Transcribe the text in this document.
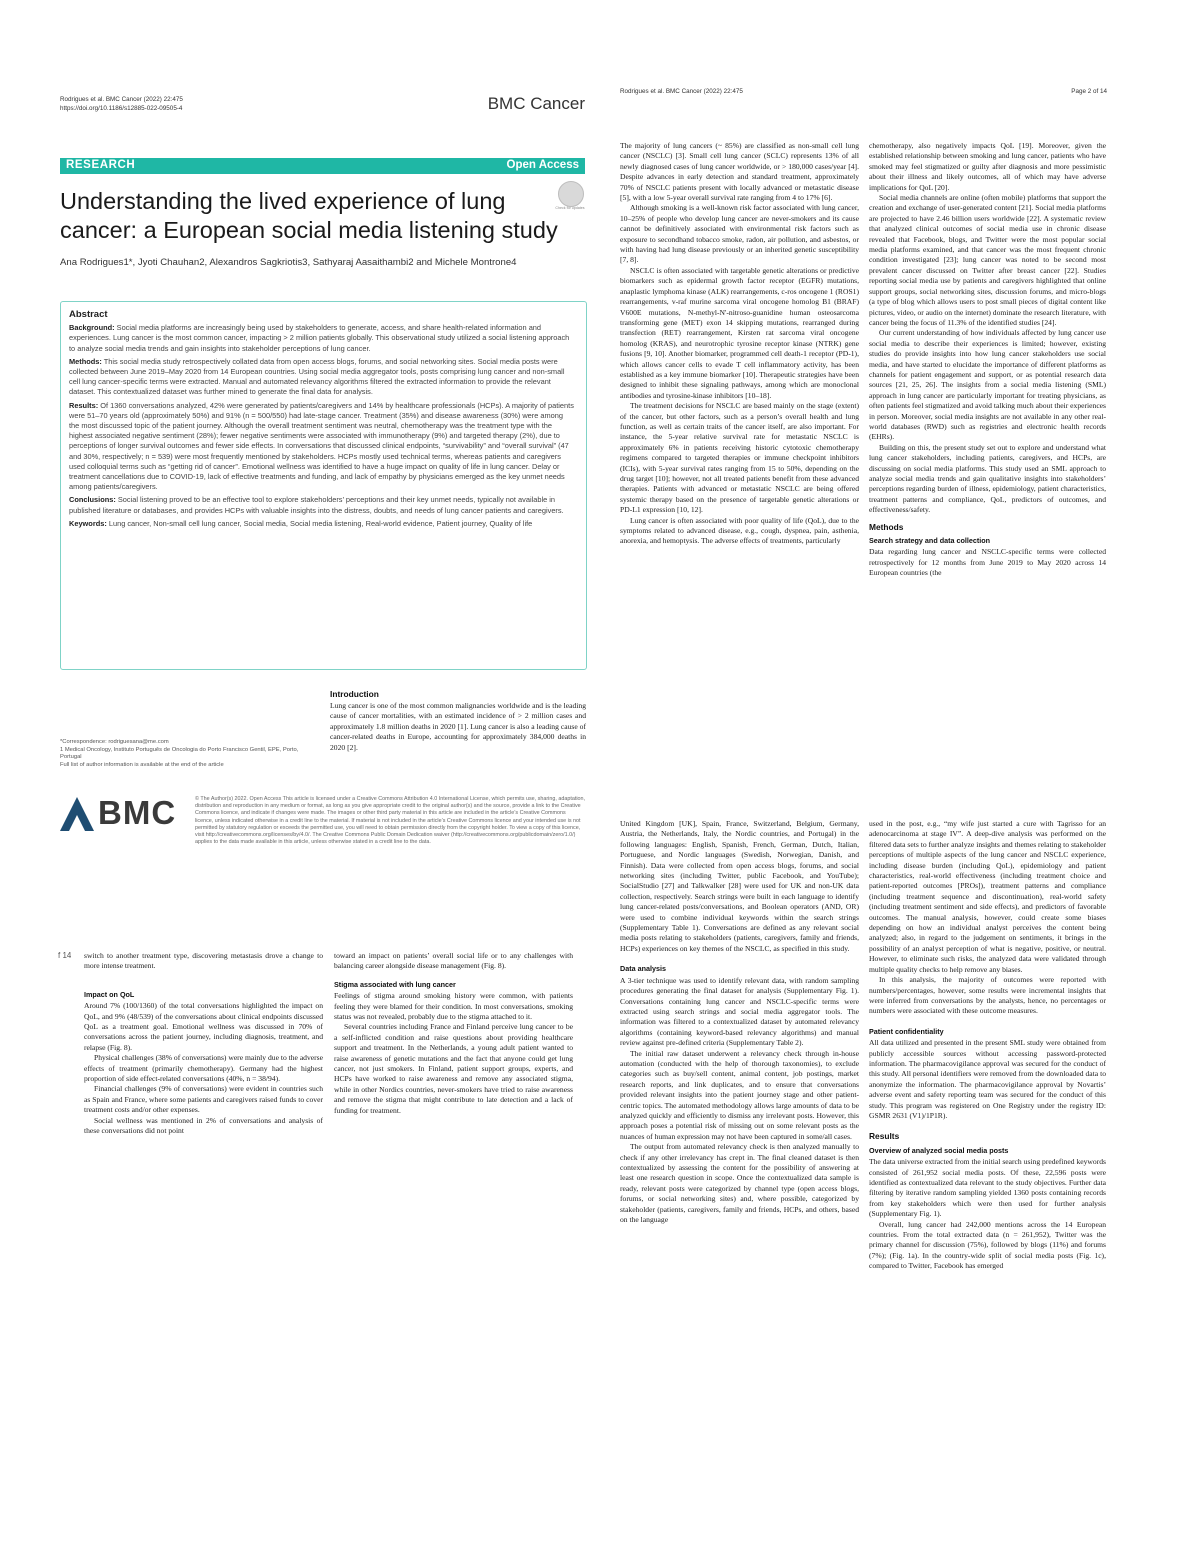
Rodrigues et al. BMC Cancer (2022) 22:475
https://doi.org/10.1186/s12885-022-09505-4	BMC Cancer
RESEARCH	Open Access
Check for updates
Understanding the lived experience of lung
cancer: a European social media listening study
Ana Rodrigues1*, Jyoti Chauhan2, Alexandros Sagkriotis3, Sathyaraj Aasaithambi2 and Michele Montrone4
Abstract

Background: Social media platforms are increasingly being used by stakeholders to generate, access, and share health-related information and experiences. Lung cancer is the most common cancer, impacting > 2 million patients globally. This observational study utilized a social listening approach to analyze social media trends and gain insights into stakeholder perceptions of lung cancer.

Methods: This social media study retrospectively collated data from open access blogs, forums, and social networking sites. Social media posts were collected between June 2019–May 2020 from 14 European countries. Using social media aggregator tools, posts comprising lung cancer and non-small cell lung cancer-specific terms were extracted. Manual and automated relevancy algorithms filtered the extracted information to provide the relevant dataset. This contextualized dataset was further mined to generate the final data for analysis.

Results: Of 1360 conversations analyzed, 42% were generated by patients/caregivers and 14% by healthcare professionals (HCPs). A majority of patients were 51–70 years old (approximately 50%) and 91% (n = 500/550) had late-stage cancer. Treatment (35%) and disease awareness (30%) were among the most discussed topic of the patient journey. Although the overall treatment sentiment was neutral, chemotherapy was the treatment type with the highest associated negative sentiment (28%); fewer negative sentiments were associated with immunotherapy (9%) and targeted therapy (2%), due to perceptions of longer survival outcomes and fewer side effects. In conversations that discussed clinical endpoints, “survivability” and “overall survival” (47 and 30%, respectively; n = 539) were most frequently mentioned by stakeholders. HCPs mostly used technical terms, whereas patients and caregivers used colloquial terms such as “getting rid of cancer”. Emotional wellness was identified to have a huge impact on quality of life in lung cancer. Delay or treatment cancellations due to COVID-19, lack of effective treatments and funding, and lack of empathy by physicians emerged as the key unmet needs among patients/caregivers.

Conclusions: Social listening proved to be an effective tool to explore stakeholders’ perceptions and their key unmet needs, typically not available in published literature or databases, and provides HCPs with valuable insights into the distress, doubts, and needs of lung cancer patients and caregivers.

Keywords: Lung cancer, Non-small cell lung cancer, Social media, Social media listening, Real-world evidence, Patient journey, Quality of life

*Correspondence: rodriguesana@me.com
1 Medical Oncology, Instituto Português de Oncologia do Porto Francisco Gentil, EPE, Porto, Portugal
Full list of author information is available at the end of the article
Introduction

Lung cancer is one of the most common malignancies worldwide and is the leading cause of cancer mortalities, with an estimated incidence of > 2 million cases and approximately 1.8 million deaths in 2020 [1]. Lung cancer is also a leading cause of cancer-related deaths in Europe, accounting for approximately 384,000 deaths in 2020 [2].

BMC	© The Author(s) 2022. Open Access This article is licensed under a Creative Commons Attribution 4.0 International License, which permits use, sharing, adaptation, distribution and reproduction in any medium or format, as long as you give appropriate credit to the original author(s) and the source, provide a link to the Creative Commons licence, and indicate if changes were made. The images or other third party material in this article are included in the article’s Creative Commons licence, unless indicated otherwise in a credit line to the material. If material is not included in the article’s Creative Commons licence and your intended use is not permitted by statutory regulation or exceeds the permitted use, you will need to obtain permission directly from the copyright holder. To view a copy of this licence, visit http://creativecommons.org/licenses/by/4.0/. The Creative Commons Public Domain Dedication waiver (http://creativecommons.org/publicdomain/zero/1.0/) applies to the data made available in this article, unless otherwise stated in a credit line to the data.
Rodrigues et al. BMC Cancer (2022) 22:475	Page 2 of 14

The majority of lung cancers (~ 85%) are classified as non-small cell lung cancer (NSCLC) [3]. Small cell lung cancer (SCLC) represents 13% of all newly diagnosed cases of lung cancer worldwide, or > 180,000 cases/year [4]. Despite advances in early detection and standard treatment, approximately 70% of NSCLC patients present with locally advanced or metastatic disease [5], with a low 5-year overall survival rate ranging from 4 to 17% [6].

Although smoking is a well-known risk factor associated with lung cancer, 10–25% of people who develop lung cancer are never-smokers and its cause cannot be definitively associated with environmental risk factors such as exposure to secondhand tobacco smoke, radon, air pollution, and asbestos, or with having had lung disease previously or an inherited genetic susceptibility [7, 8].

NSCLC is often associated with targetable genetic alterations or predictive biomarkers such as epidermal growth factor receptor (EGFR) mutations, anaplastic lymphoma kinase (ALK) rearrangements, c-ros oncogene 1 (ROS1) rearrangements, v-raf murine sarcoma viral oncogene homolog B1 (BRAF) V600E mutations, N-methyl-N'-nitroso-guanidine human osteosarcoma transforming gene (MET) exon 14 skipping mutations, rearranged during transfection (RET) rearrangement, Kirsten rat sarcoma viral oncogene homolog (KRAS), and neurotrophic tyrosine receptor kinase (NTRK) gene fusions [9, 10]. Another biomarker, programmed cell death-1 receptor (PD-1), which allows cancer cells to evade T cell inflammatory activity, has been established as a key immune biomarker [10]. Therapeutic strategies have been designed to inhibit these signaling pathways, among which are monoclonal antibodies and tyrosine-kinase inhibitors [10–18].

The treatment decisions for NSCLC are based mainly on the stage (extent) of the cancer, but other factors, such as a person’s overall health and lung function, as well as certain traits of the cancer itself, are also important. For instance, the 5-year relative survival rate for metastatic NSCLC is approximately 6% in patients receiving historic cytotoxic chemotherapy regimens compared to targeted therapies or immune checkpoint inhibitors (ICIs), with 5-year survival rates ranging from 15 to 50%, depending on the drug target [10]; however, not all treated patients benefit from these advanced therapies. Patients with advanced or metastatic NSCLC are being offered systemic therapy based on the presence of targetable genetic alterations or PD-L1 expression [10, 12].

Lung cancer is often associated with poor quality of life (QoL), due to the symptoms related to advanced disease, e.g., cough, dyspnea, pain, asthenia, anorexia, and hemoptysis. The adverse effects of treatments, particularly

chemotherapy, also negatively impacts QoL [19]. Moreover, given the established relationship between smoking and lung cancer, patients who have smoked may feel stigmatized or guilty after diagnosis and more pessimistic about their illness and likely outcomes, all of which may have adverse implications for QoL [20].

Social media channels are online (often mobile) platforms that support the creation and exchange of user-generated content [21]. Social media platforms are projected to have 2.46 billion users worldwide [22]. A systematic review that analyzed clinical outcomes of social media use in chronic disease revealed that Facebook, blogs, and Twitter were the most popular social media platforms examined, and that cancer was the most frequent chronic condition investigated [23]; lung cancer was noted to be second most prevalent cancer discussed on Twitter after breast cancer [22]. Studies reporting social media use by patients and caregivers highlighted that online support groups, social networking sites, discussion forums, and micro-blogs (a type of blog which allows users to post small pieces of digital content like pictures, video, or audio on the internet) dominate the research literature, with cancer being the focus of 11.3% of the identified studies [24].

Our current understanding of how individuals affected by lung cancer use social media to describe their experiences is limited; however, existing studies do provide insights into how lung cancer stakeholders use social media, and have started to elucidate the importance of different platforms as channels for patient engagement and support, or as potential research data sources [21, 25, 26]. The insights from a social media listening (SML) approach in lung cancer are particularly important for treating physicians, as often patients feel stigmatized and avoid talking much about their experiences in person. Moreover, social media insights are not available in any other real-world databases (RWD) such as registries and electronic health records (EHRs).

Building on this, the present study set out to explore and understand what lung cancer stakeholders, including patients, caregivers, and HCPs, are discussing on social media platforms. This study used an SML approach to analyze social media trends and gain qualitative insights into stakeholders’ perceptions regarding burden of illness, epidemiology, patient characteristics, treatment patterns and compliance, QoL, predictors of outcomes, and effectiveness/safety.

Methods
Search strategy and data collection

Data regarding lung cancer and NSCLC-specific terms were collected retrospectively for 12 months from June 2019 to May 2020 across 14 European countries (the

United Kingdom [UK], Spain, France, Switzerland, Belgium, Germany, Austria, the Netherlands, Italy, the Nordic countries, and Portugal) in the following languages: English, Spanish, French, German, Dutch, Italian, Portuguese, and Nordic languages (Swedish, Norwegian, Danish, and Finnish). Data were collected from open access blogs, forums, and social networking sites (including Twitter, public Facebook, and YouTube); SocialStudio [27] and Talkwalker [28] were used for UK and non-UK data collection, respectively. Search strings were built in each language to identify lung cancer-related posts/conversations, and Boolean operators (AND, OR) were used to combine individual keywords within the search strings (Supplementary Table 1). Conversations are defined as any relevant social media posts relating to stakeholders (patients, caregivers, family and friends, HCPs) experiences on key themes of the NSCLC, as specified in this study.

Data analysis

A 3-tier technique was used to identify relevant data, with random sampling procedures generating the final dataset for analysis (Supplementary Fig. 1). Conversations containing lung cancer and NSCLC-specific terms were extracted using search strings and social media aggregator tools. The information was filtered to a contextualized dataset by automated relevancy algorithms (containing keyword-based relevancy algorithms) and manual review against pre-defined criteria (Supplementary Table 2).

The initial raw dataset underwent a relevancy check through in-house automation (conducted with the help of thorough taxonomies), to exclude categories such as buy/sell content, animal content, job postings, market research reports, and link duplicates, and to ensure that conversations provided relevant insights into the patient journey stage and other patient-centric topics. The automated methodology allows large amounts of data to be analyzed quickly and efficiently to dismiss any irrelevant posts. However, this approach poses a potential risk of missing out on some relevant posts as the nuances of human expression may not have been captured in some/all cases.

The output from automated relevancy check is then analyzed manually to check if any other irrelevancy has crept in. The final cleaned dataset is then contextualized by assessing the content for the possibility of answering at least one research question in scope. Once the contextualized data sample is ready, relevant posts were categorized by channel type (open access blogs, forums, or social networking sites) and, where possible, categorized by stakeholder (patients, caregivers, family and friends, HCPs, and others, based on the language

used in the post, e.g., “my wife just started a cure with Tagrisso for an adenocarcinoma at stage IV”. A deep-dive analysis was performed on the filtered data sets to further analyze insights and themes relating to stakeholder perceptions of multiple aspects of the lung cancer and NSCLC experience, including disease burden (including QoL), epidemiology and patient characteristics, real-world effectiveness (including treatment choice and patient-reported outcomes [PROs]), treatment patterns and compliance (including treatment sequence and discontinuation), real-world safety (including treatment sentiment and side effects), and predictors of favorable outcomes. The manual analysis, however, could create some biases depending on how an individual analyst perceives the content being analyzed; also, in regard to the judgement on sentiments, it brings in the possibility of an analyst perception of what is negative, positive, or neutral. However, to eliminate such risks, the analyzed data were validated through multiple quality checks to help remove any biases.

In this analysis, the majority of outcomes were reported with numbers/percentages, however, some results were incremental insights that were inferred from conversations by the analysts, hence, no percentages or numbers were associated with these outcome measures.

Patient confidentiality

All data utilized and presented in the present SML study were obtained from publicly accessible sources without accessing password-protected information. The pharmacovigilance approval was secured for the conduct of this study. All personal identifiers were removed from the downloaded data to anonymize the information. The pharmacovigilance approval by Novartis’ adverse event and safety reporting team was secured for the conduct of this study. This program was registered on One Registry under the registry ID: GSMR 2631 (V1)/1P1R).

Results
Overview of analyzed social media posts

The data universe extracted from the initial search using predefined keywords consisted of 261,952 social media posts. Of these, 22,596 posts were identified as contextualized data relevant to the study objectives. Further data filtering by iterative random sampling yielded 1360 posts containing records from key stakeholders which were then used for further analysis (Supplementary Fig. 1).

Overall, lung cancer had 242,000 mentions across the 14 European countries. From the total extracted data (n = 261,952), Twitter was the primary channel for discussion (75%), followed by blogs (11%) and forums (7%); (Fig. 1a). In the country-wide split of social media posts (Fig. 1c), compared to Twitter, Facebook has emerged

f 14 switch to another treatment type, discovering metastasis drove a change to more intense treatment.

Impact on QoL

Around 7% (100/1360) of the total conversations highlighted the impact on QoL, and 9% (48/539) of the conversations about clinical endpoints discussed QoL as a treatment goal. Emotional wellness was discussed in 70% of conversations across the patient journey, including diagnosis, treatment, and relapse (Fig. 8).

Physical challenges (38% of conversations) were mainly due to the adverse effects of treatment (primarily chemotherapy). Germany had the highest proportion of side effect-related conversations (40%, n = 38/94).

Financial challenges (9% of conversations) were evident in countries such as Spain and France, where some patients and caregivers raised funds to cover treatment costs and/or other expenses.

Social wellness was mentioned in 2% of conversations and analysis of these conversations did not point

toward an impact on patients’ overall social life or to any challenges with balancing career alongside disease management (Fig. 8).

Stigma associated with lung cancer

Feelings of stigma around smoking history were common, with patients feeling they were blamed for their condition. In most conversations, smoking status was not revealed, probably due to the stigma attached to it.

Several countries including France and Finland perceive lung cancer to be a self-inflicted condition and raise questions about providing healthcare support and treatment. In the Netherlands, a young adult patient wanted to raise awareness of genetic mutations and the fact that anyone could get lung cancer, not just smokers. In Finland, patient support groups, experts, and HCPs have worked to raise awareness and remove any associated stigma, while in other Nordics countries, never-smokers have tried to raise awareness and remove the stigma that might contribute to late detection and a lack of funding for treatment.
